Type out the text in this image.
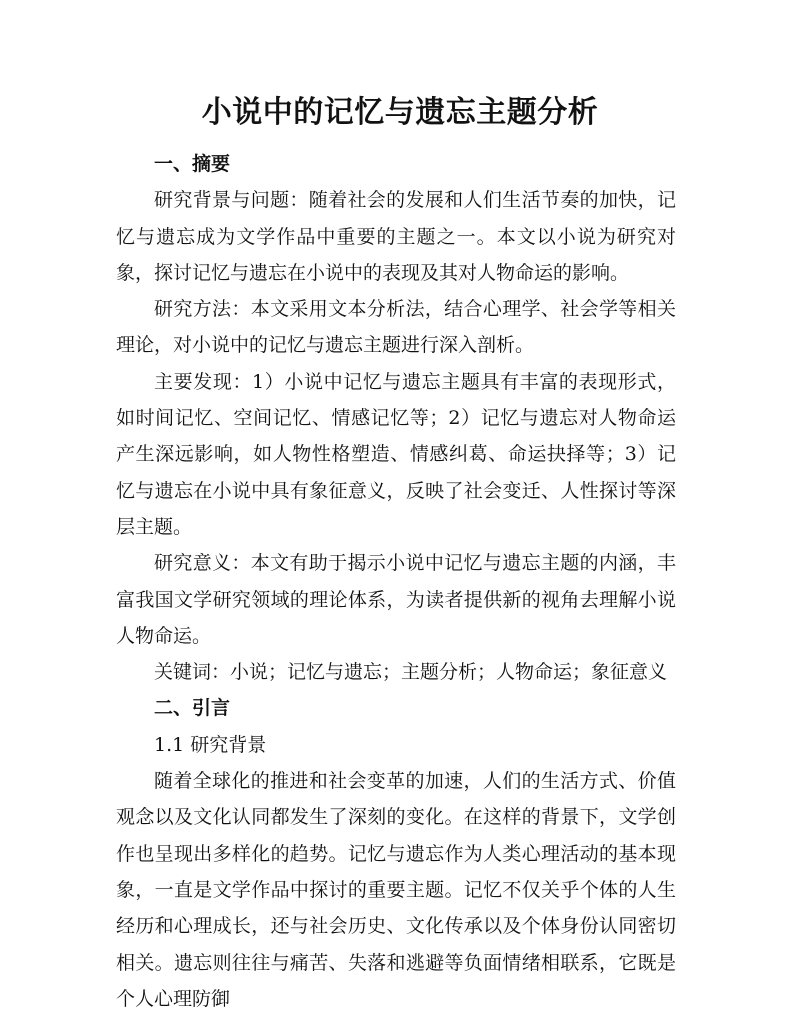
小说中的记忆与遗忘主题分析
一、摘要

研究背景与问题：随着社会的发展和人们生活节奏的加快，记忆与遗忘成为文学作品中重要的主题之一。本文以小说为研究对象，探讨记忆与遗忘在小说中的表现及其对人物命运的影响。

研究方法：本文采用文本分析法，结合心理学、社会学等相关理论，对小说中的记忆与遗忘主题进行深入剖析。

主要发现：1）小说中记忆与遗忘主题具有丰富的表现形式，如时间记忆、空间记忆、情感记忆等；2）记忆与遗忘对人物命运产生深远影响，如人物性格塑造、情感纠葛、命运抉择等；3）记忆与遗忘在小说中具有象征意义，反映了社会变迁、人性探讨等深层主题。

研究意义：本文有助于揭示小说中记忆与遗忘主题的内涵，丰富我国文学研究领域的理论体系，为读者提供新的视角去理解小说人物命运。

关键词：小说；记忆与遗忘；主题分析；人物命运；象征意义

二、引言
1.1 研究背景

随着全球化的推进和社会变革的加速，人们的生活方式、价值观念以及文化认同都发生了深刻的变化。在这样的背景下，文学创作也呈现出多样化的趋势。记忆与遗忘作为人类心理活动的基本现象，一直是文学作品中探讨的重要主题。记忆不仅关乎个体的人生经历和心理成长，还与社会历史、文化传承以及个体身份认同密切相关。遗忘则往往与痛苦、失落和逃避等负面情绪相联系，它既是个人心理防御
